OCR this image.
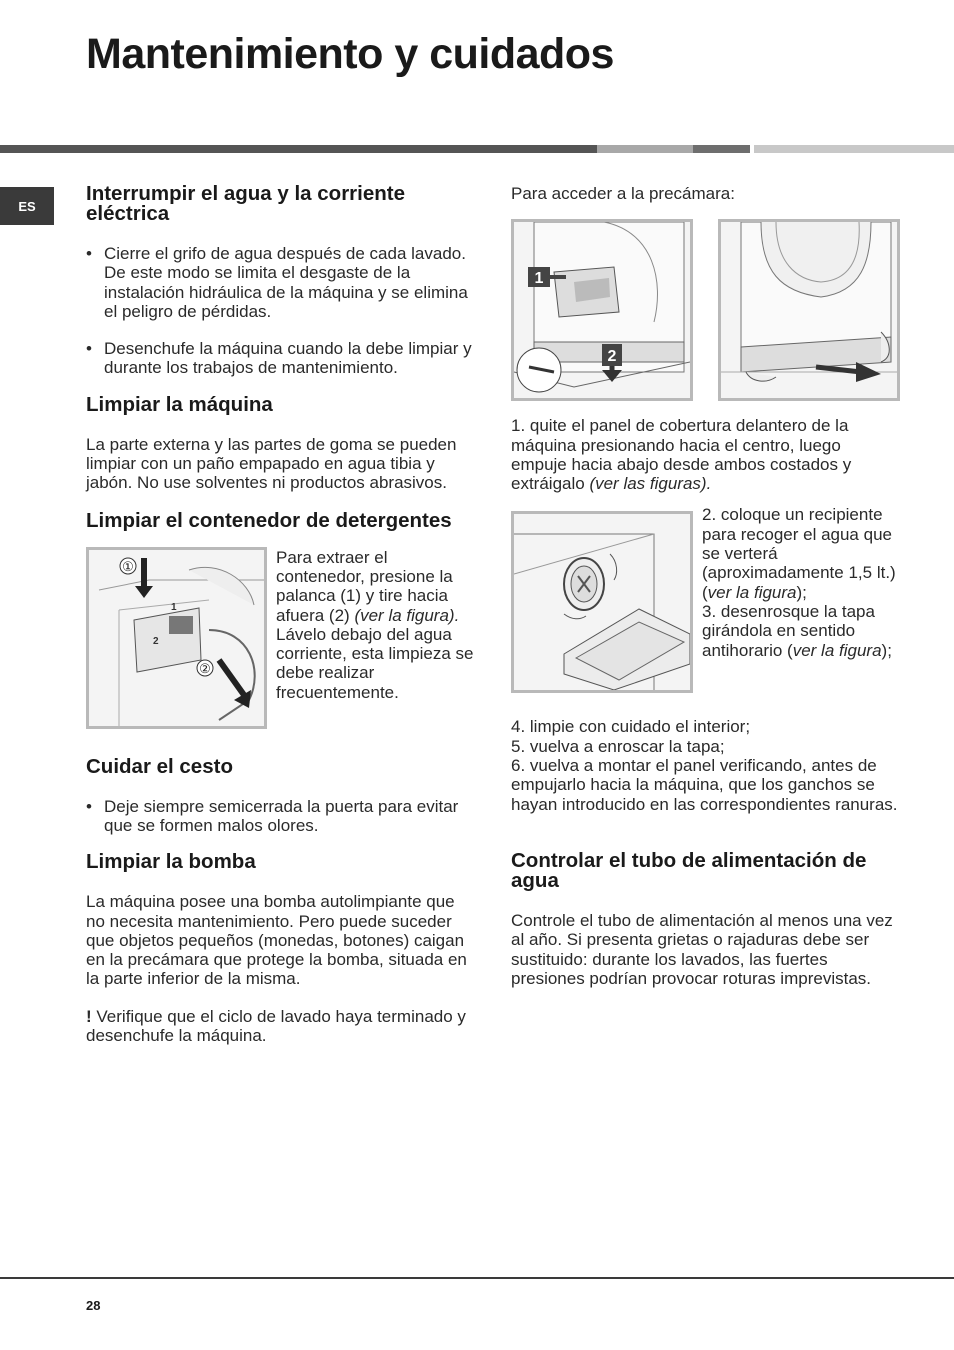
Mantenimiento y cuidados
ES
Interrumpir el agua y la corriente eléctrica

• Cierre el grifo de agua después de cada lavado. De este modo se limita el desgaste de la instalación hidráulica de la máquina y se elimina el peligro de pérdidas.

• Desenchufe la máquina cuando la debe limpiar y durante los trabajos de mantenimiento.

Limpiar la máquina

La parte externa y las partes de goma se pueden limpiar con un paño empapado en agua tibia y jabón. No use solventes ni productos abrasivos.

Limpiar el contenedor de detergentes
①
②
1
2

Para extraer el contenedor, presione la palanca (1) y tire hacia afuera (2) (ver la figura). Lávelo debajo del agua corriente, esta limpieza se debe realizar frecuentemente.

Cuidar el cesto

• Deje siempre semicerrada la puerta para evitar que se formen malos olores.

Limpiar la bomba

La máquina posee una bomba autolimpiante que no necesita mantenimiento. Pero puede suceder que objetos pequeños (monedas, botones) caigan en la precámara que protege la bomba, situada en la parte inferior de la misma.

! Verifique que el ciclo de lavado haya terminado y desenchufe la máquina.

Para acceder a la precámara:

1
2

1. quite el panel de cobertura delantero de la máquina presionando hacia el centro, luego empuje hacia abajo desde ambos costados y extráigalo (ver las figuras).

2. coloque un recipiente para recoger el agua que se verterá (aproximadamente 1,5 lt.) (ver la figura);
3. desenrosque la tapa girándola en sentido antihorario (ver la figura);

4. limpie con cuidado el interior;

5. vuelva a enroscar la tapa;

6. vuelva a montar el panel verificando, antes de empujarlo hacia la máquina, que los ganchos se hayan introducido en las correspondientes ranuras.

Controlar el tubo de alimentación de agua

Controle el tubo de alimentación al menos una vez al año. Si presenta grietas o rajaduras debe ser sustituido: durante los lavados, las fuertes presiones podrían provocar roturas imprevistas.

28
